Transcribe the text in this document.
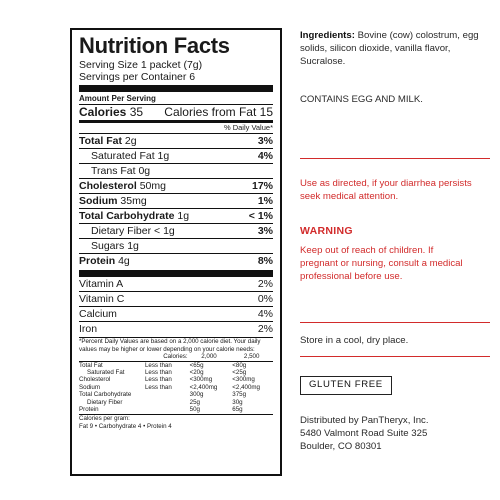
Nutrition Facts
Serving Size 1 packet (7g)
Servings per Container 6
Amount Per Serving
Calories 35 Calories from Fat 15
% Daily Value*
Total Fat 2g	3%
Saturated Fat 1g	4%
Trans Fat 0g
Cholesterol 50mg	17%
Sodium 35mg	1%
Total Carbohydrate 1g	< 1%
Dietary Fiber < 1g	3%
Sugars 1g
Protein 4g	8%
Vitamin A	2%
Vitamin C	0%
Calcium	4%
Iron	2%
*Percent Daily Values are based on a 2,000 calorie diet. Your daily values may be higher or lower depending on your calorie needs:
	Calories:	2,000	2,500
Total Fat	Less than	<65g	<80g
Saturated Fat	Less than	<20g	<25g
Cholesterol	Less than	<300mg	<300mg
Sodium	Less than	<2,400mg	<2,400mg
Total Carbohydrate		300g	375g
Dietary Fiber		25g	30g
Protein		50g	65g
Calories per gram:
Fat 9 • Carbohydrate 4 • Protein 4
Ingredients: Bovine (cow) colostrum, egg solids, silicon dioxide, vanilla flavor, Sucralose.
CONTAINS EGG AND MILK.
Use as directed, if your diarrhea persists seek medical attention.
WARNING
Keep out of reach of children. If pregnant or nursing, consult a medical professional before use.
Store in a cool, dry place.
GLUTEN FREE
Distributed by PanTheryx, Inc.
5480 Valmont Road Suite 325
Boulder, CO 80301
